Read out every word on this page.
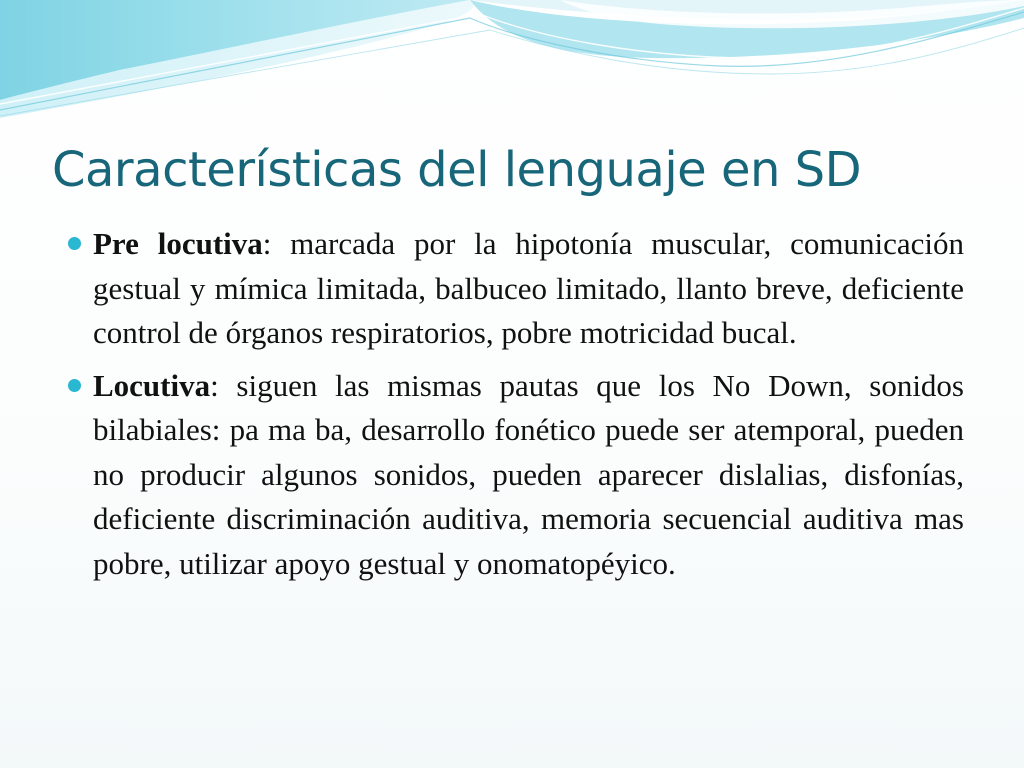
Características del lenguaje en SD
Pre locutiva: marcada por la hipotonía muscular, comunicación gestual y mímica limitada, balbuceo limitado, llanto breve, deficiente control de órganos respiratorios, pobre motricidad bucal.
Locutiva: siguen las mismas pautas que los No Down, sonidos bilabiales: pa ma ba, desarrollo fonético puede ser atemporal, pueden no producir algunos sonidos, pueden aparecer dislalias, disfonías, deficiente discriminación auditiva, memoria secuencial auditiva mas pobre, utilizar apoyo gestual y onomatopéyico.
